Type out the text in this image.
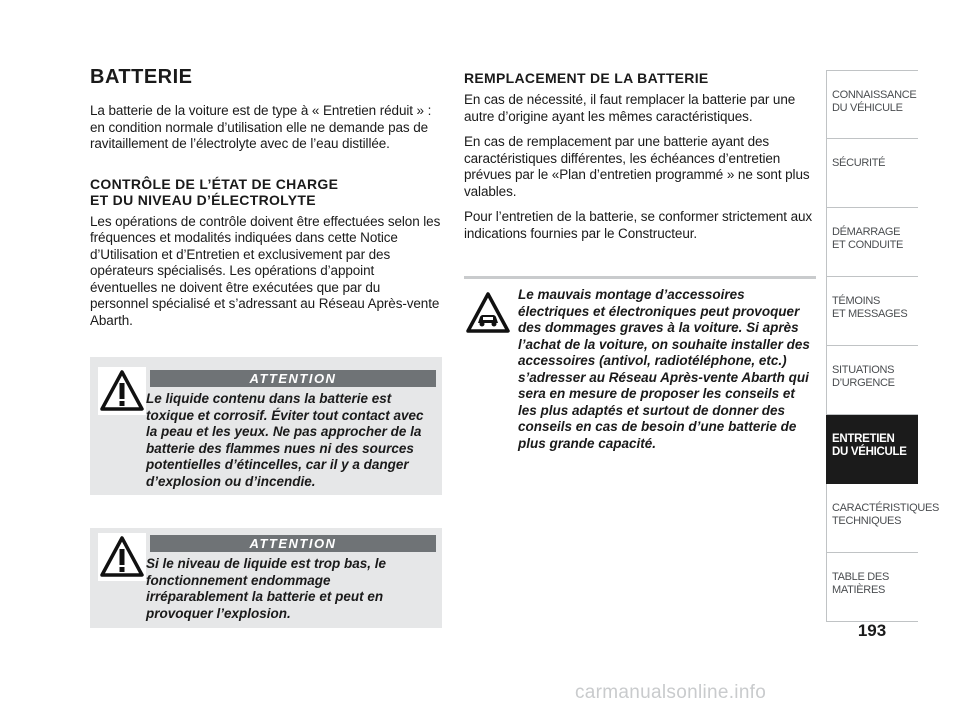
BATTERIE

La batterie de la voiture est de type à « Entretien réduit » : en condition normale d’utilisation elle ne demande pas de ravitaillement de l’électrolyte avec de l’eau distillée.

CONTRÔLE DE L’ÉTAT DE CHARGE
ET DU NIVEAU D’ÉLECTROLYTE

Les opérations de contrôle doivent être effectuées selon les fréquences et modalités indiquées dans cette Notice d’Utilisation et d’Entretien et exclusivement par des opérateurs spécialisés. Les opérations d’appoint éventuelles ne doivent être exécutées que par du personnel spécialisé et s’adressant au Réseau Après-vente Abarth.

ATTENTION
Le liquide contenu dans la batterie est toxique et corrosif. Éviter tout contact avec la peau et les yeux. Ne pas approcher de la batterie des flammes nues ni des sources potentielles d’étincelles, car il y a danger d’explosion ou d’incendie.
ATTENTION
Si le niveau de liquide est trop bas, le fonctionnement endommage irréparablement la batterie et peut en provoquer l’explosion.
REMPLACEMENT DE LA BATTERIE

En cas de nécessité, il faut remplacer la batterie par une autre d’origine ayant les mêmes caractéristiques.

En cas de remplacement par une batterie ayant des caractéristiques différentes, les échéances d’entretien prévues par le «Plan d’entretien programmé » ne sont plus valables.

Pour l’entretien de la batterie, se conformer strictement aux indications fournies par le Constructeur.

Le mauvais montage d’accessoires électriques et électroniques peut provoquer des dommages graves à la voiture. Si après l’achat de la voiture, on souhaite installer des accessoires (antivol, radiotéléphone, etc.) s’adresser au Réseau Après-vente Abarth qui sera en mesure de proposer les conseils et les plus adaptés et surtout de donner des conseils en cas de besoin d’une batterie de plus grande capacité.
CONNAISSANCE
DU VÉHICULE
SÉCURITÉ
DÉMARRAGE
ET CONDUITE
TÉMOINS
ET MESSAGES
SITUATIONS
D’URGENCE
ENTRETIEN
DU VÉHICULE
CARACTÉRISTIQUES
TECHNIQUES
TABLE DES
MATIÈRES
193
carmanualsonline.info
